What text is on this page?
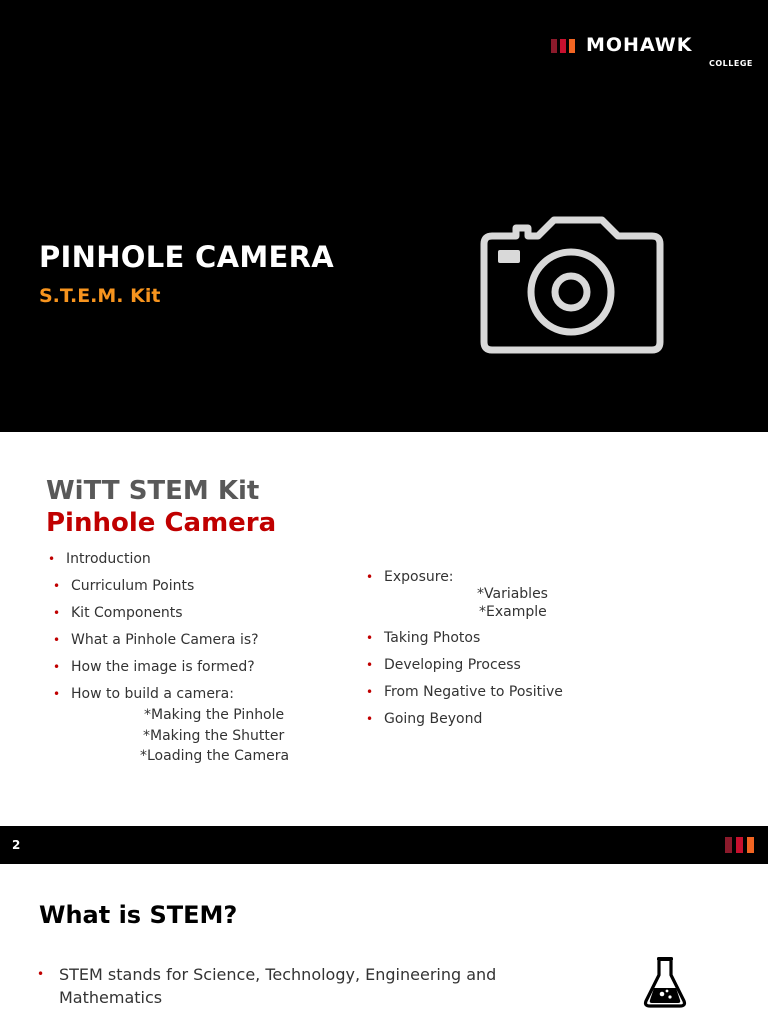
MOHAWK
COLLEGE
PINHOLE CAMERA
S.T.E.M. Kit
WiTT STEM Kit
Pinhole Camera
• Introduction
• Curriculum Points
• Kit Components
• What a Pinhole Camera is?
• How the image is formed?
• How to build a camera:
*Making the Pinhole
*Making the Shutter
*Loading the Camera
• Exposure:
• Taking Photos
• Developing Process
• From Negative to Positive
• Going Beyond
*Variables
*Example
2
What is STEM?
• STEM stands for Science, Technology, Engineering and Mathematics
